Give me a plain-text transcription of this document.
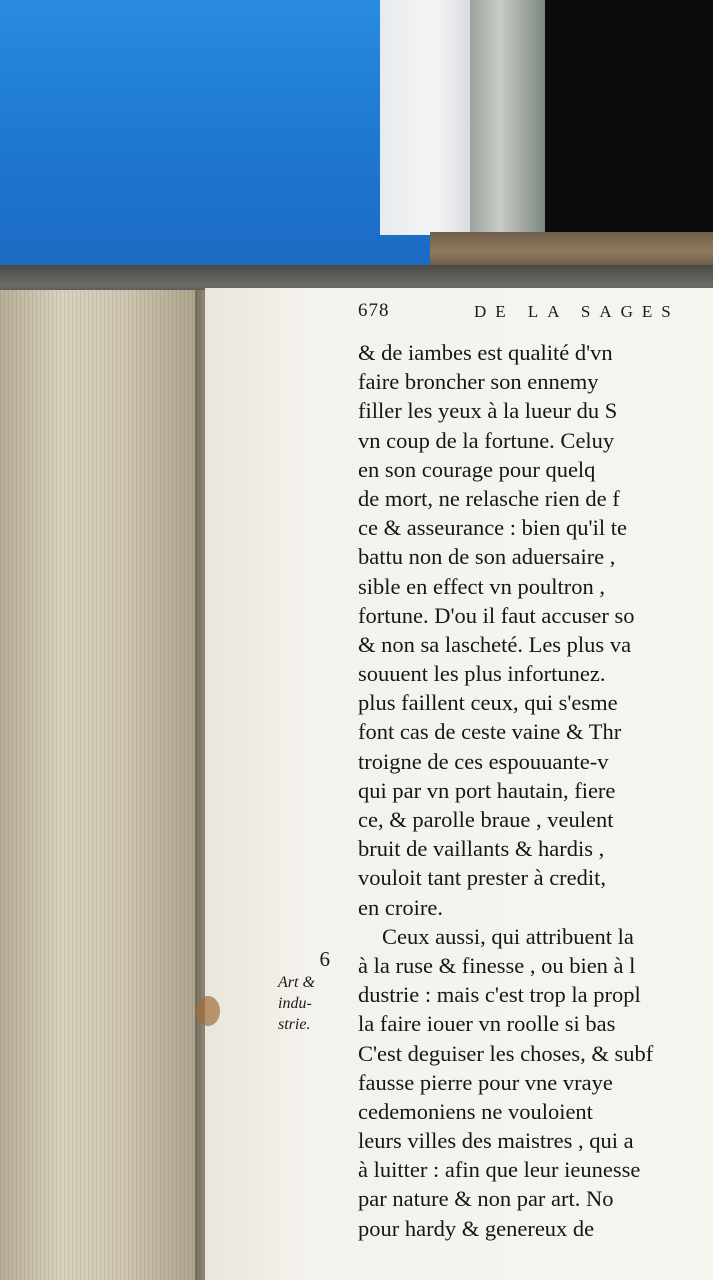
678	DE LA SAGES
& de iambes est qualité d'vn
faire broncher son ennemy
filler les yeux à la lueur du S
vn coup de la fortune. Celuy
en son courage pour quelq
de mort, ne relasche rien de f
ce & asseurance : bien qu'il te
battu non de son aduersaire ,
sible en effect vn poultron ,
fortune. D'ou il faut accuser so
& non sa lascheté. Les plus va
souuent les plus infortunez.
plus faillent ceux, qui s'esme
font cas de ceste vaine & Thr
troigne de ces espouuante-v
qui par vn port hautain, fiere
ce, & parolle braue , veulent
bruit de vaillants & hardis ,
vouloit tant prester à credit,
en croire.
Ceux aussi, qui attribuent la
à la ruse & finesse , ou bien à l
dustrie : mais c'est trop la propl
la faire iouer vn roolle si bas
C'est deguiser les choses, & subf
fausse pierre pour vne vraye
cedemoniens ne vouloient
leurs villes des maistres , qui a
à luitter : afin que leur ieunesse
par nature & non par art. No
pour hardy & genereux de
6
Art &
indu-
strie.
